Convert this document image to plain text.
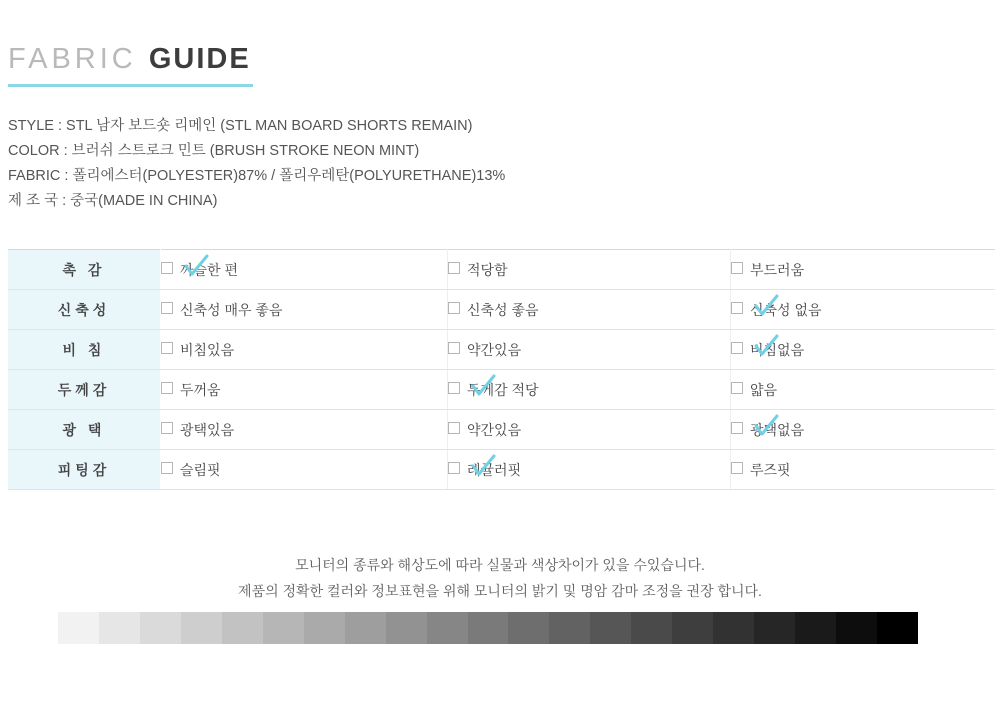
FABRIC GUIDE
STYLE : STL 남자 보드숏 리메인 (STL MAN BOARD SHORTS REMAIN)
COLOR : 브러쉬 스트로크 민트 (BRUSH STROKE NEON MINT)
FABRIC : 폴리에스터(POLYESTER)87% / 폴리우레탄(POLYURETHANE)13%
제 조 국 : 중국(MADE IN CHINA)
촉 감	까슬한 편	적당함	부드러움
신축성	신축성 매우 좋음	신축성 좋음	신축성 없음

비 침	비침있음	약간있음	비침없음

두께감	두꺼움	두께감 적당	얇음
광 택	광택있음	약간있음	광택없음

피팅감	슬림핏	레귤러핏	루즈핏
모니터의 종류와 해상도에 따라 실물과 색상차이가 있을 수있습니다.
제품의 정확한 컬러와 정보표현을 위해 모니터의 밝기 및 명암 감마 조정을 권장 합니다.
